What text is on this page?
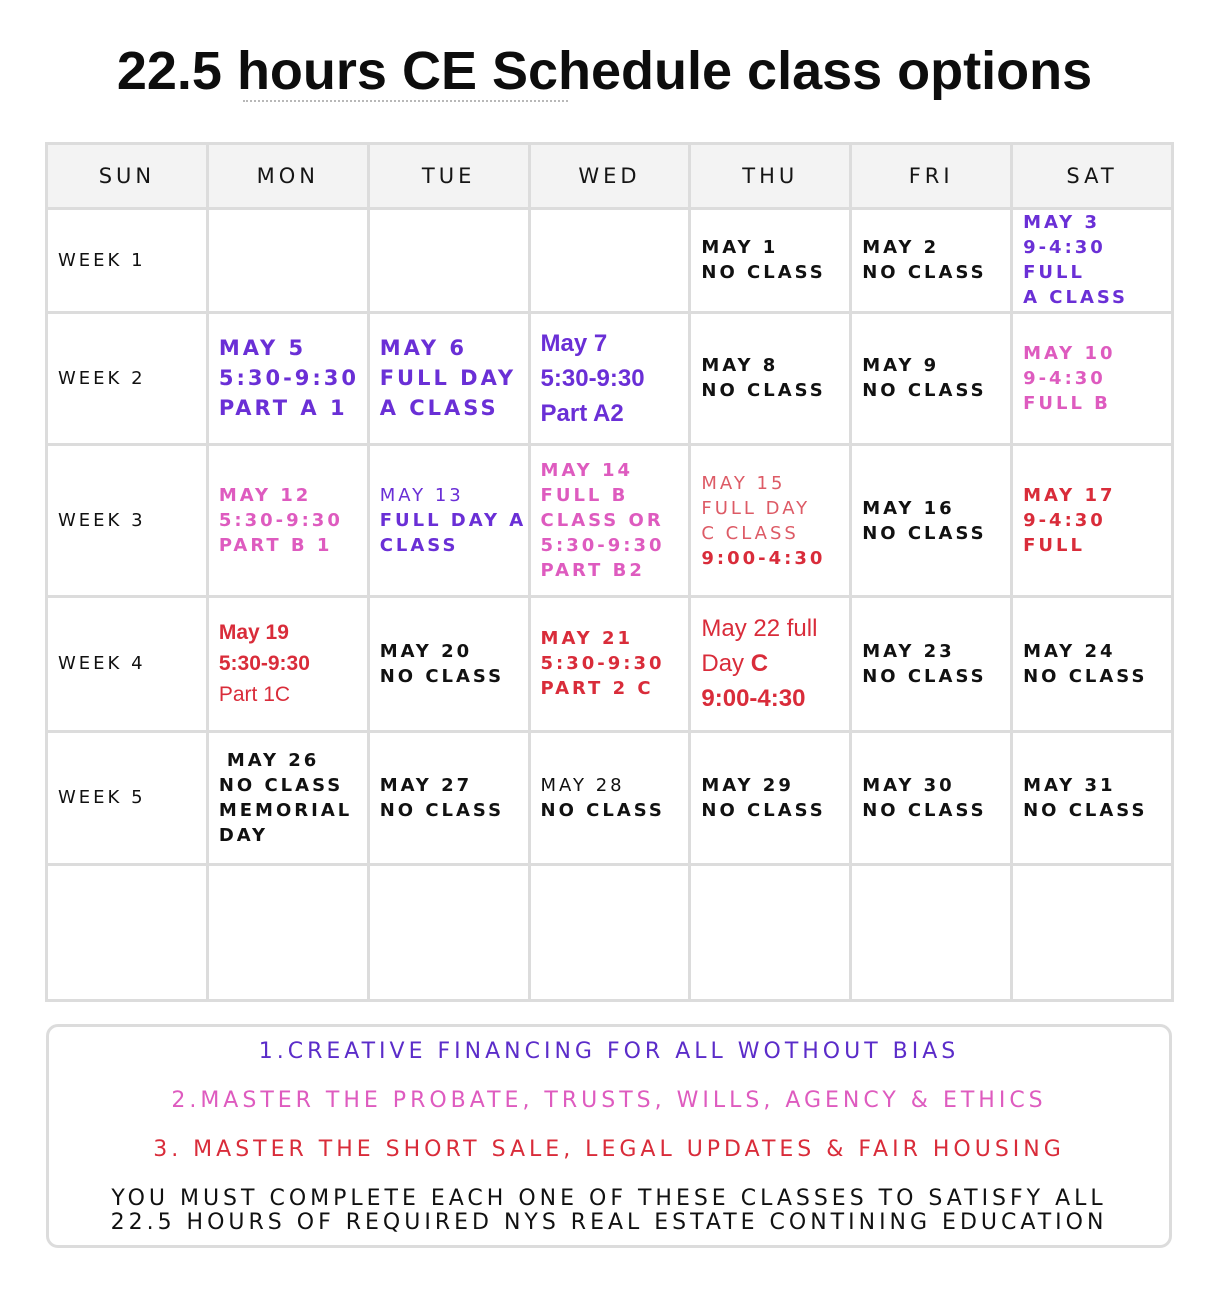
22.5 hours CE Schedule class options
SUN	MON	TUE	WED	THU	FRI	SAT
WEEK 1				MAY 1
NO CLASS	MAY 2
NO CLASS	MAY 3
9-4:30 FULL
A CLASS

WEEK 2	MAY 5
5:30-9:30
PART A 1	MAY 6
FULL DAY
A CLASS	May 7
5:30-9:30
Part A2	MAY 8
NO CLASS	MAY 9
NO CLASS	MAY 10
9-4:30
FULL B

WEEK 3	MAY 12
5:30-9:30
PART B 1	MAY 13
FULL DAY A
CLASS	MAY 14
FULL B
CLASS OR
5:30-9:30
PART B2	MAY 15
FULL DAY
C CLASS
9:00-4:30	MAY 16
NO CLASS	MAY 17
9-4:30
FULL

WEEK 4	May 19
5:30-9:30
Part 1C	MAY 20
NO CLASS	MAY 21
5:30-9:30
PART 2 C	May 22 full
Day C
9:00-4:30	MAY 23
NO CLASS	MAY 24
NO CLASS

WEEK 5	MAY 26
NO CLASS
MEMORIAL
DAY	MAY 27
NO CLASS	MAY 28
NO CLASS	MAY 29
NO CLASS	MAY 30
NO CLASS	MAY 31
NO CLASS

1.CREATIVE FINANCING FOR ALL WOTHOUT BIAS
2.MASTER THE PROBATE, TRUSTS, WILLS, AGENCY & ETHICS
3. MASTER THE SHORT SALE, LEGAL UPDATES & FAIR HOUSING
YOU MUST COMPLETE EACH ONE OF THESE CLASSES TO SATISFY ALL
22.5 HOURS OF REQUIRED NYS REAL ESTATE CONTINING EDUCATION
